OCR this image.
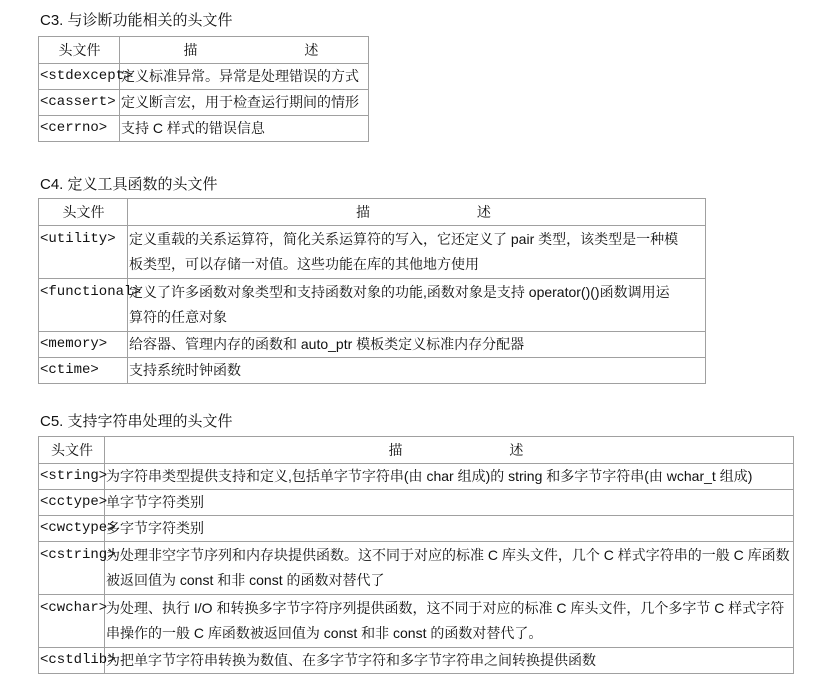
C3. 与诊断功能相关的头文件
头文件	描 述
<stdexcept>	定义标准异常。异常是处理错误的方式

<cassert>	定义断言宏，用于检查运行期间的情形

<cerrno>	支持 C 样式的错误信息
C4. 定义工具函数的头文件
头文件	描 述
<utility>	定义重载的关系运算符，简化关系运算符的写入，它还定义了 pair 类型，该类型是一种模
板类型，可以存储一对值。这些功能在库的其他地方使用

<functional>	定义了许多函数对象类型和支持函数对象的功能,函数对象是支持 operator()()函数调用运
算符的任意对象

<memory>	给容器、管理内存的函数和 auto_ptr 模板类定义标准内存分配器

<ctime>	支持系统时钟函数
C5. 支持字符串处理的头文件
头文件	描 述
<string>	为字符串类型提供支持和定义,包括单字节字符串(由 char 组成)的 string 和多字节字符串(由 wchar_t 组成)

<cctype>	单字节字符类别

<cwctype>	多字节字符类别

<cstring>	为处理非空字节序列和内存块提供函数。这不同于对应的标准 C 库头文件，几个 C 样式字符串的一般 C 库函数
被返回值为 const 和非 const 的函数对替代了

<cwchar>	为处理、执行 I/O 和转换多字节字符序列提供函数，这不同于对应的标准 C 库头文件，几个多字节 C 样式字符
串操作的一般 C 库函数被返回值为 const 和非 const 的函数对替代了。

<cstdlib>	为把单字节字符串转换为数值、在多字节字符和多字节字符串之间转换提供函数
